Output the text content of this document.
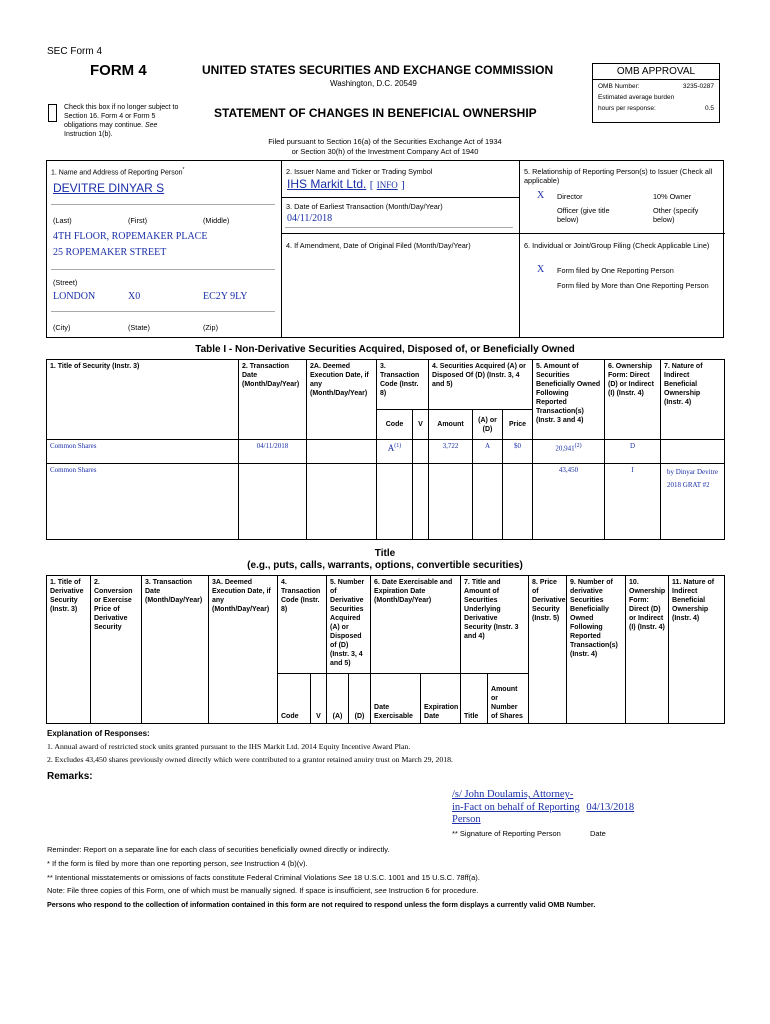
SEC Form 4
FORM 4	UNITED STATES SECURITIES AND EXCHANGE COMMISSION
Washington, D.C. 20549
Check this box if no longer subject to Section 16. Form 4 or Form 5 obligations may continue. See Instruction 1(b).
STATEMENT OF CHANGES IN BENEFICIAL OWNERSHIP
Filed pursuant to Section 16(a) of the Securities Exchange Act of 1934
or Section 30(h) of the Investment Company Act of 1940
OMB APPROVAL
OMB Number:	3235-0287
Estimated average burden
hours per response:	0.5
1. Name and Address of Reporting Person*
DEVITRE DINYAR S
(Last)	(First)	(Middle)
4TH FLOOR, ROPEMAKER PLACE
25 ROPEMAKER STREET
(Street)
LONDON	X0	EC2Y 9LY
(City)	(State)	(Zip)
2. Issuer Name and Ticker or Trading Symbol
IHS Markit Ltd. [ INFO ]
3. Date of Earliest Transaction (Month/Day/Year)
04/11/2018
4. If Amendment, Date of Original Filed (Month/Day/Year)
5. Relationship of Reporting Person(s) to Issuer (Check all applicable)
X Director	10% Owner
Officer (give title below)
Other (specify below)
6. Individual or Joint/Group Filing (Check Applicable Line)
X Form filed by One Reporting Person
Form filed by More than One Reporting Person
Table I - Non-Derivative Securities Acquired, Disposed of, or Beneficially Owned
1. Title of Security (Instr. 3)	2. Transaction Date (Month/Day/Year)	2A. Deemed Execution Date, if any (Month/Day/Year)	3. Transaction Code (Instr. 8)		4. Securities Acquired (A) or Disposed Of (D) (Instr. 3, 4 and 5)			5. Amount of Securities Beneficially Owned Following Reported Transaction(s) (Instr. 3 and 4)	6. Ownership Form: Direct (D) or Indirect (I) (Instr. 4)	7. Nature of Indirect Beneficial Ownership (Instr. 4)
			Code	V	Amount	(A) or (D)	Price			
Common Shares	04/11/2018		$A^{(1)}$		3,722	A	$0	20,941$^{(2)}$	D	
Common Shares								43,450	I	by Dinyar Devitre 2018 GRAT #2
Title
(e.g., puts, calls, warrants, options, convertible securities)
1. Title of Derivative Security (Instr. 3)	2. Conversion or Exercise Price of Derivative Security	3. Transaction Date (Month/Day/Year)	3A. Deemed Execution Date, if any (Month/Day/Year)	4. Transaction Code (Instr. 8)		5. Number of Derivative Securities Acquired (A) or Disposed of (D) (Instr. 3, 4 and 5)		6. Date Exercisable and Expiration Date (Month/Day/Year)		7. Title and Amount of Securities Underlying Derivative Security (Instr. 3 and 4)		8. Price of Derivative Security (Instr. 5)	9. Number of derivative Securities Beneficially Owned Following Reported Transaction(s) (Instr. 4)	10. Ownership Form: Direct (D) or Indirect (I) (Instr. 4)	11. Nature of Indirect Beneficial Ownership (Instr. 4)
				Code	V	(A)	(D)	Date Exercisable	Expiration Date	Title	Amount or Number of Shares				
Explanation of Responses:
1. Annual award of restricted stock units granted pursuant to the IHS Markit Ltd. 2014 Equity Incentive Award Plan.
2. Excludes 43,450 shares previously owned directly which were contributed to a grantor retained anuiry trust on March 29, 2018.
Remarks:
/s/ John Doulamis, Attorney-
in-Fact on behalf of Reporting 04/13/2018
Person
** Signature of Reporting Person	Date
Reminder: Report on a separate line for each class of securities beneficially owned directly or indirectly.
* If the form is filed by more than one reporting person, see Instruction 4 (b)(v).
** Intentional misstatements or omissions of facts constitute Federal Criminal Violations See 18 U.S.C. 1001 and 15 U.S.C. 78ff(a).
Note: File three copies of this Form, one of which must be manually signed. If space is insufficient, see Instruction 6 for procedure.
Persons who respond to the collection of information contained in this form are not required to respond unless the form displays a currently valid OMB Number.
